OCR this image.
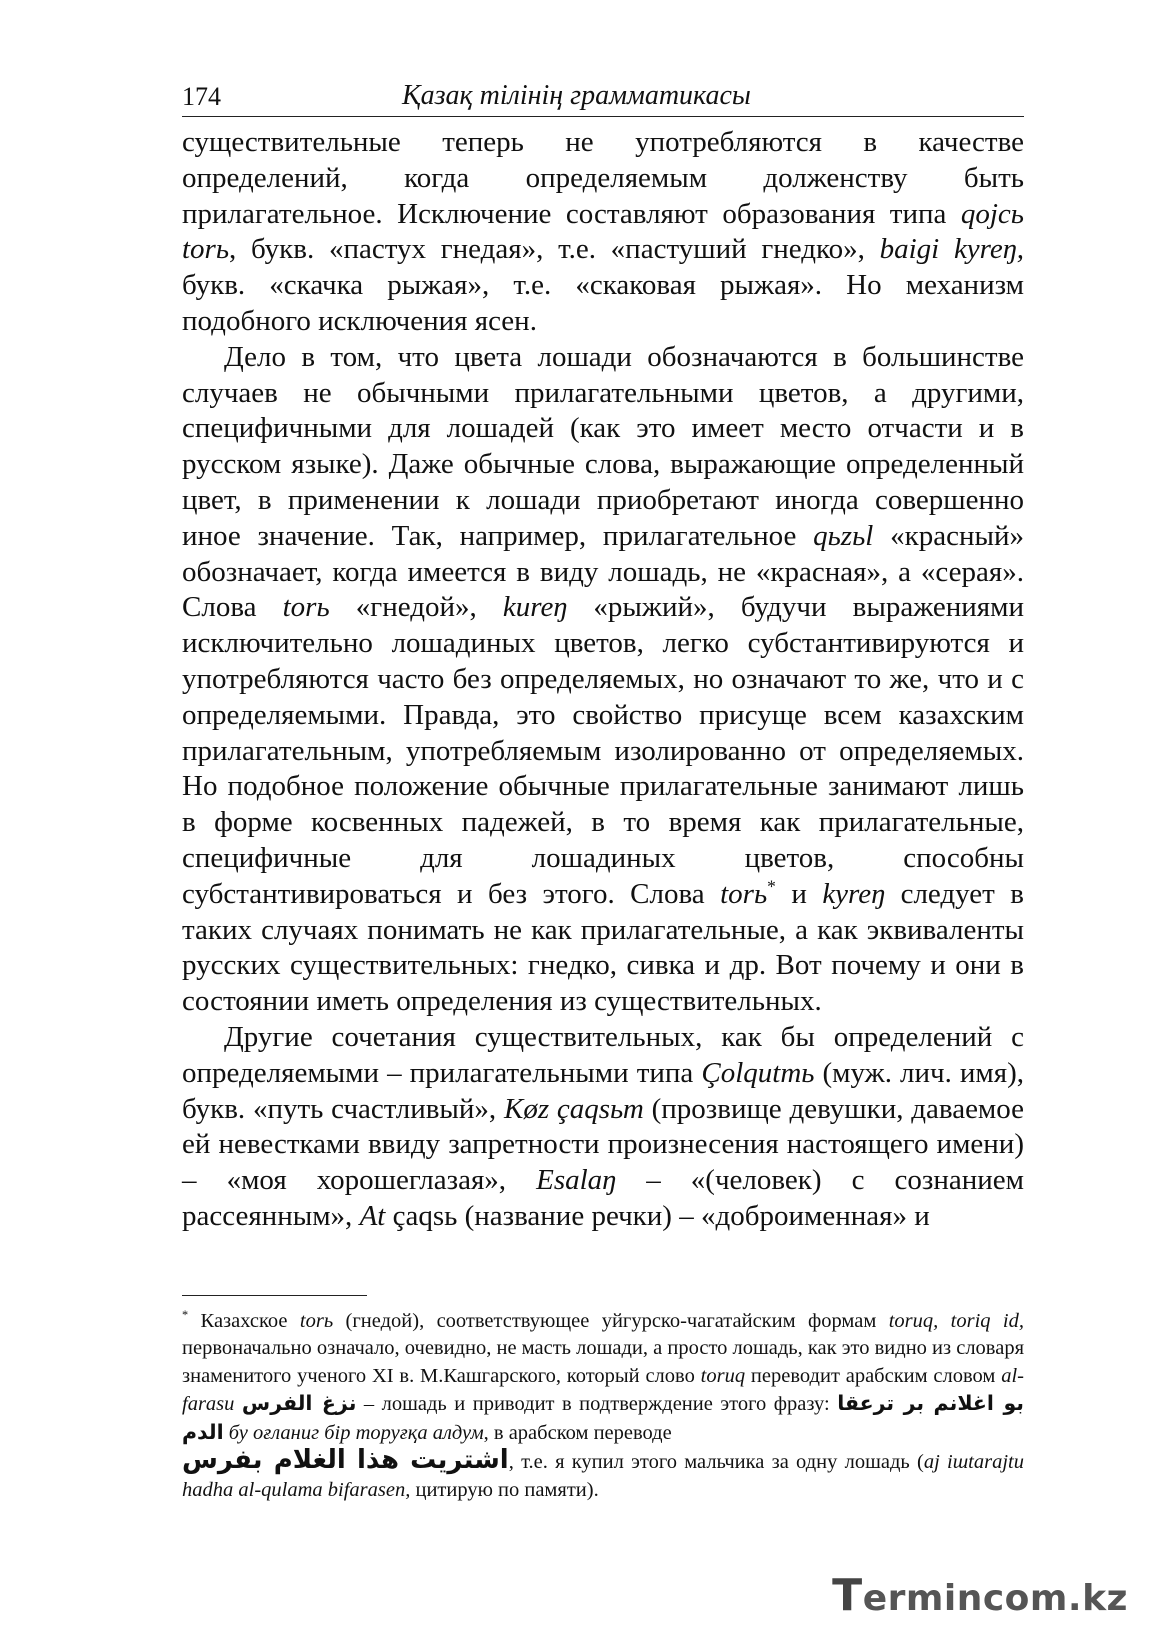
174	Қазақ тілінің грамматикасы

существительные теперь не употребляются в качестве определений, когда определяемым долженству быть прилагательное. Исключение составляют образования типа qojcь torь, букв. «пастух гнедая», т.е. «пастуший гнедко», baigi kyreŋ, букв. «скачка рыжая», т.е. «скаковая рыжая». Но механизм подобного исключения ясен.

Дело в том, что цвета лошади обозначаются в большинстве случаев не обычными прилагательными цветов, а другими, специфичными для лошадей (как это имеет место отчасти и в русском языке). Даже обычные слова, выражающие определенный цвет, в применении к лошади приобретают иногда совершенно иное значение. Так, например, прилагательное qьzьl «красный» обозначает, когда имеется в виду лошадь, не «красная», а «серая». Слова torь «гнедой», kureŋ «рыжий», будучи выражениями исключительно лошадиных цветов, легко субстантивируются и употребляются часто без определяемых, но означают то же, что и с определяемыми. Правда, это свойство присуще всем казахским прилагательным, употребляемым изолированно от определяемых. Но подобное положение обычные прилагательные занимают лишь в форме косвенных падежей, в то время как прилагательные, специфичные для лошадиных цветов, способны субстантивироваться и без этого. Слова torь* и kyreŋ следует в таких случаях понимать не как прилагательные, а как эквиваленты русских существительных: гнедко, сивка и др. Вот почему и они в состоянии иметь определения из существительных.

Другие сочетания существительных, как бы определений с определяемыми – прилагательными типа Çolqutть (муж. лич. имя), букв. «путь счастливый», Køz çaqsьт (прозвище девушки, даваемое ей невестками ввиду запретности произнесения настоящего имени) – «моя хорошеглазая», Esalaŋ – «(человек) с сознанием рассеянным», At çaqsь (название речки) – «доброименная» и

* Казахское torь (гнедой), соответствующее уйгурско-чагатайским формам toruq, toriq id, первоначально означало, очевидно, не масть лошади, а просто лошадь, как это видно из словаря знаменитого ученого XI в. М.Кашгарского, который слово toruq переводит арабским словом al-farasu نزغ الفرس – лошадь и приводит в подтверждение этого фразу: بو اغلانم بر ترعقا الدم бу оғланиг бір торуғқа алдум, в арабском переводе
اشتريت هذا الغلام بفرس, т.е. я купил этого мальчика за одну лошадь (aj iшtarajtu hadha al-qulama bifarasen, цитирую по памяти).
Termincom.kz
